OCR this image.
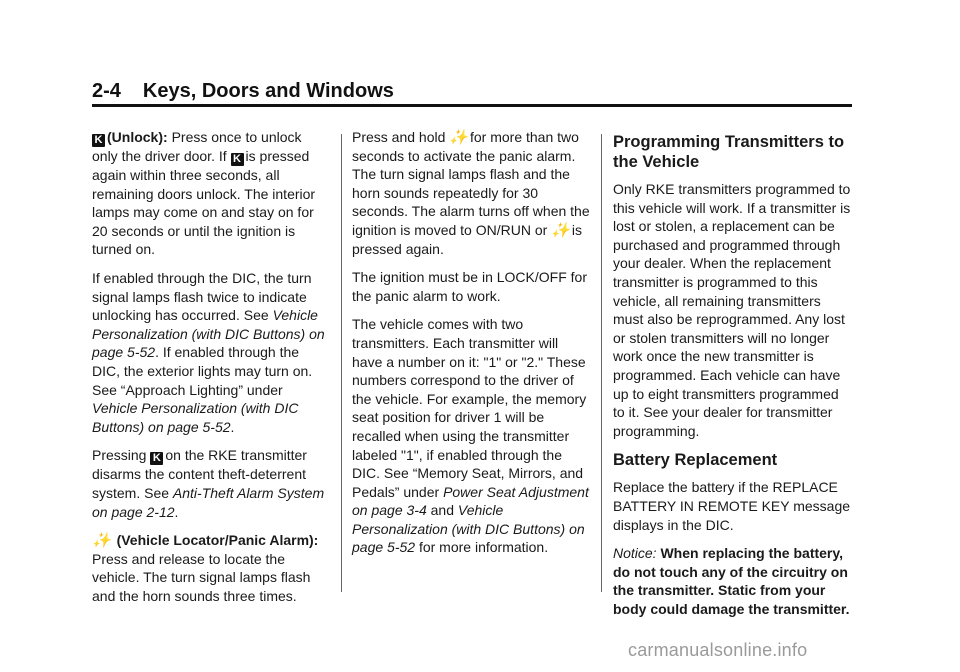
2-4 Keys, Doors and Windows

K (Unlock): Press once to unlock only the driver door. If K is pressed again within three seconds, all remaining doors unlock. The interior lamps may come on and stay on for 20 seconds or until the ignition is turned on.

If enabled through the DIC, the turn signal lamps flash twice to indicate unlocking has occurred. See Vehicle Personalization (with DIC Buttons) on page 5-52. If enabled through the DIC, the exterior lights may turn on. See “Approach Lighting” under Vehicle Personalization (with DIC Buttons) on page 5-52.

Pressing K on the RKE transmitter disarms the content theft-deterrent system. See Anti-Theft Alarm System on page 2-12.

✨ (Vehicle Locator/Panic Alarm): Press and release to locate the vehicle. The turn signal lamps flash and the horn sounds three times.

Press and hold ✨ for more than two seconds to activate the panic alarm. The turn signal lamps flash and the horn sounds repeatedly for 30 seconds. The alarm turns off when the ignition is moved to ON/RUN or ✨ is pressed again.

The ignition must be in LOCK/OFF for the panic alarm to work.

The vehicle comes with two transmitters. Each transmitter will have a number on it: "1" or "2." These numbers correspond to the driver of the vehicle. For example, the memory seat position for driver 1 will be recalled when using the transmitter labeled "1", if enabled through the DIC. See “Memory Seat, Mirrors, and Pedals” under Power Seat Adjustment on page 3-4 and Vehicle Personalization (with DIC Buttons) on page 5-52 for more information.

Programming Transmitters to the Vehicle

Only RKE transmitters programmed to this vehicle will work. If a transmitter is lost or stolen, a replacement can be purchased and programmed through your dealer. When the replacement transmitter is programmed to this vehicle, all remaining transmitters must also be reprogrammed. Any lost or stolen transmitters will no longer work once the new transmitter is programmed. Each vehicle can have up to eight transmitters programmed to it. See your dealer for transmitter programming.

Battery Replacement

Replace the battery if the REPLACE BATTERY IN REMOTE KEY message displays in the DIC.

Notice: When replacing the battery, do not touch any of the circuitry on the transmitter. Static from your body could damage the transmitter.

carmanualsonline.info
